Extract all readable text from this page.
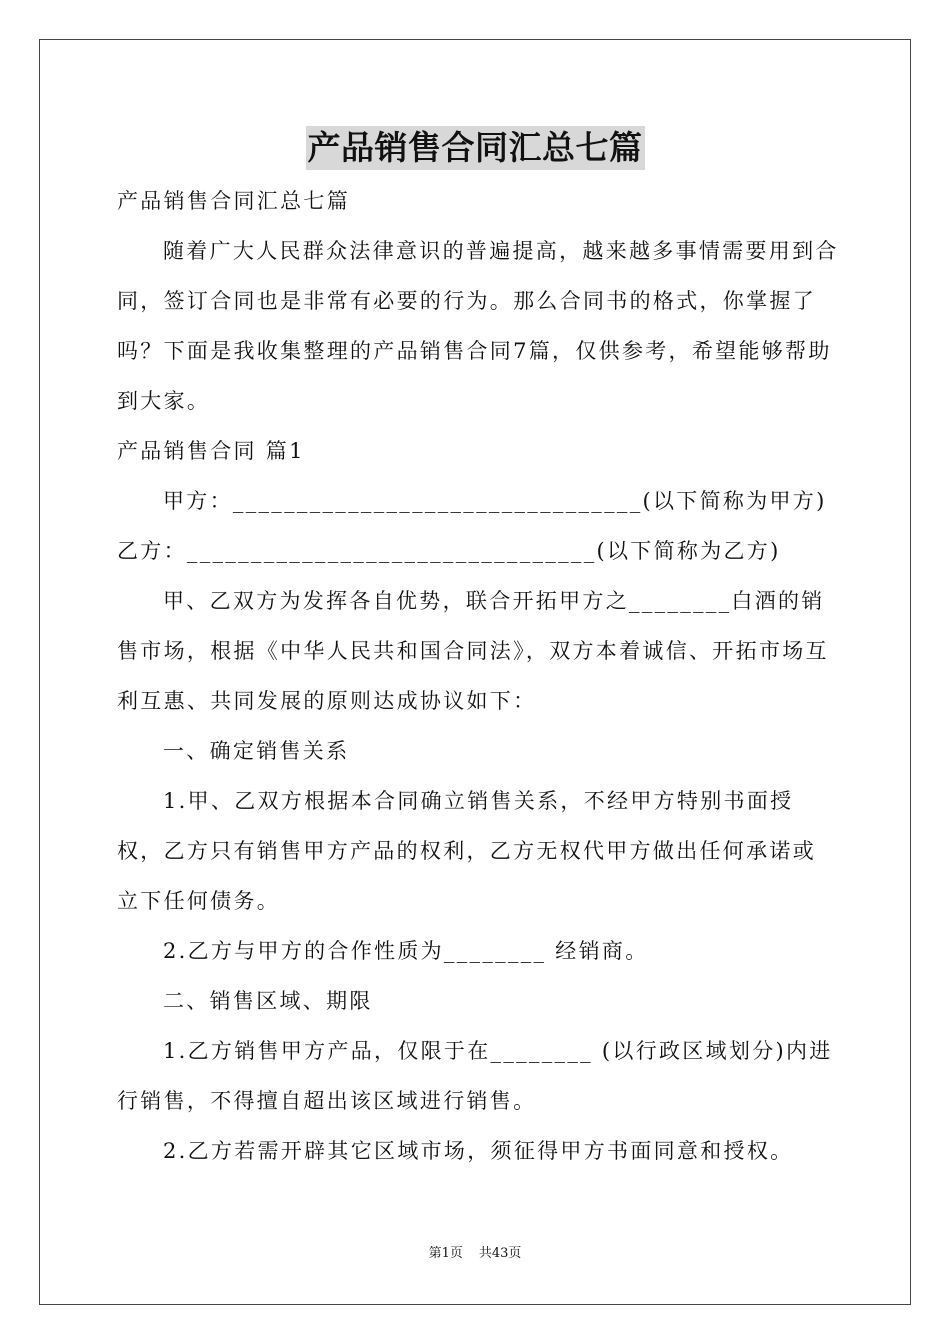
产品销售合同汇总七篇

产品销售合同汇总七篇

随着广大人民群众法律意识的普遍提高，越来越多事情需要用到合同，签订合同也是非常有必要的行为。那么合同书的格式，你掌握了吗？下面是我收集整理的产品销售合同7篇，仅供参考，希望能够帮助到大家。

产品销售合同 篇1

甲方：________________________________(以下简称为甲方)乙方：________________________________(以下简称为乙方)

甲、乙双方为发挥各自优势，联合开拓甲方之________白酒的销售市场，根据《中华人民共和国合同法》，双方本着诚信、开拓市场互利互惠、共同发展的原则达成协议如下：

一、确定销售关系

1.甲、乙双方根据本合同确立销售关系，不经甲方特别书面授权，乙方只有销售甲方产品的权利，乙方无权代甲方做出任何承诺或立下任何债务。

2.乙方与甲方的合作性质为________ 经销商。

二、销售区域、期限

1.乙方销售甲方产品，仅限于在________ (以行政区域划分)内进行销售，不得擅自超出该区域进行销售。

2.乙方若需开辟其它区域市场，须征得甲方书面同意和授权。

第1页 共43页
